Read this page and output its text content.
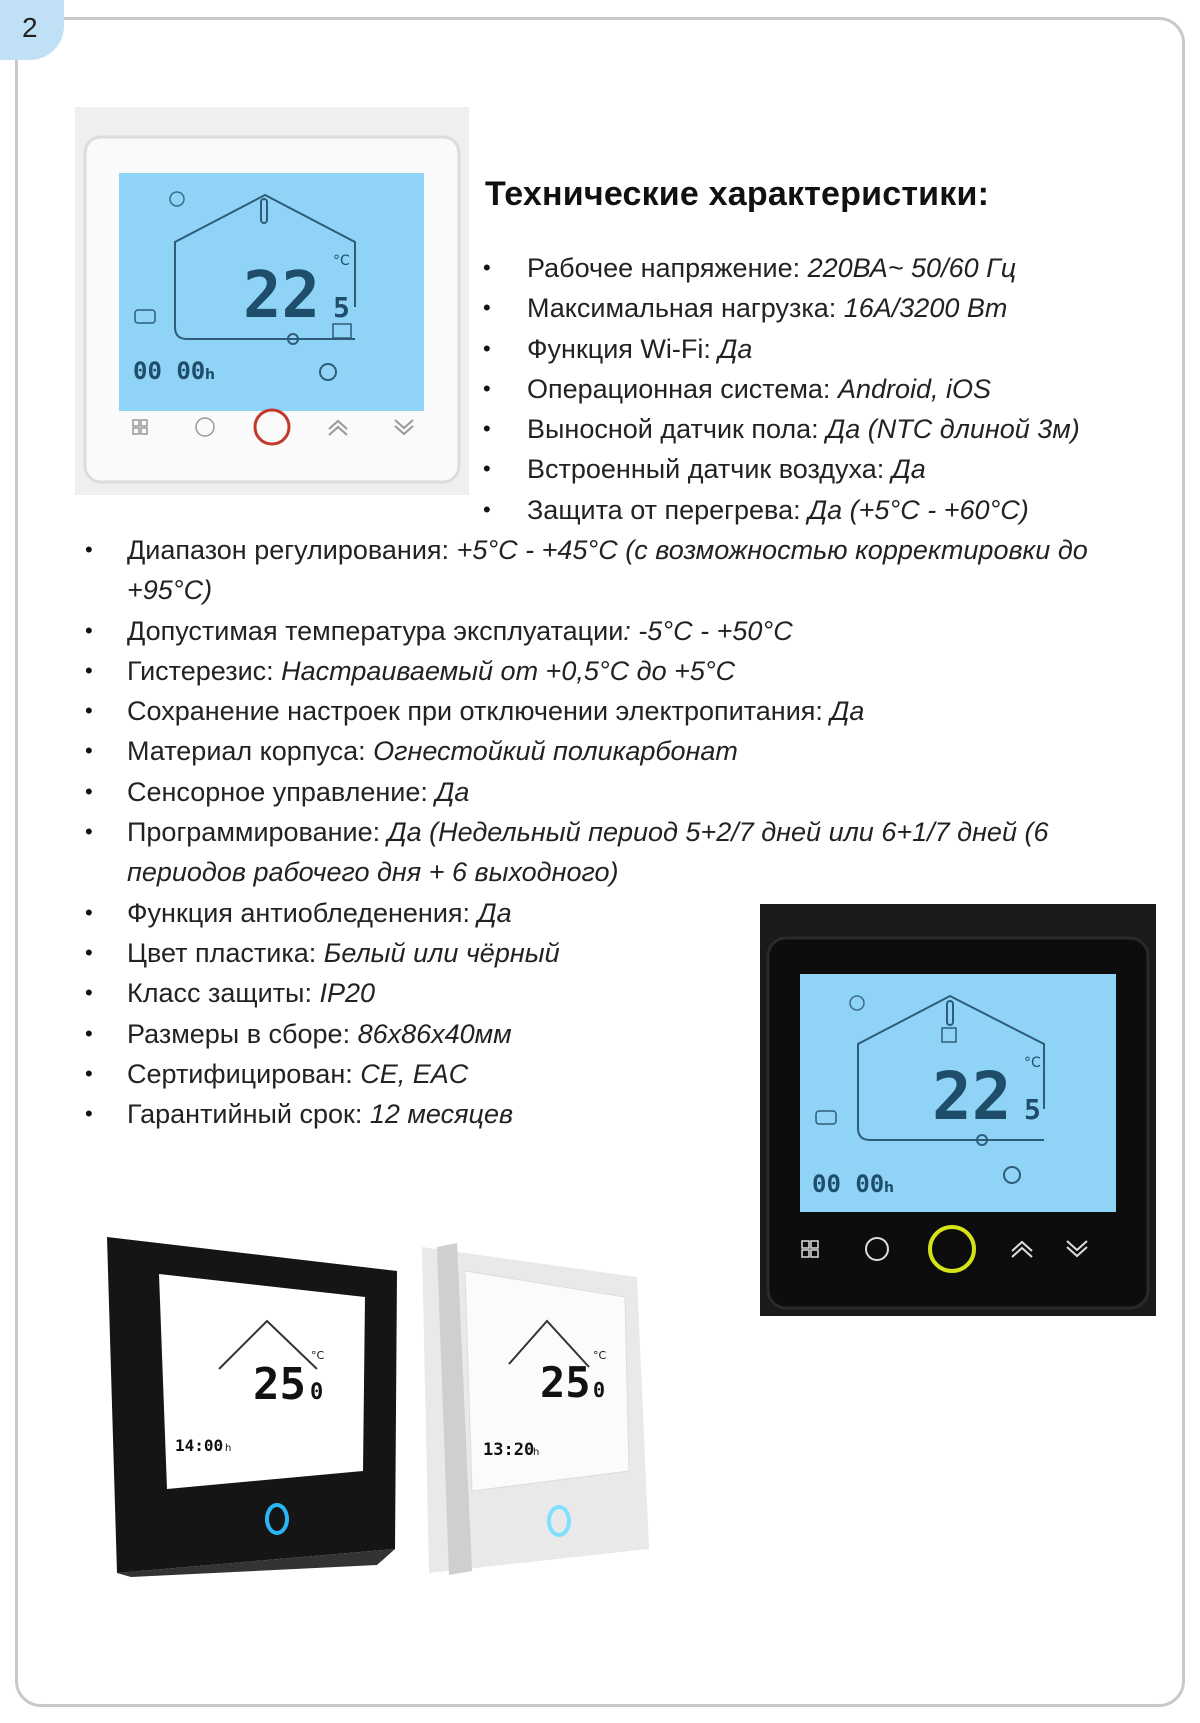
2
22 5
°C
00 00 h
Технические характеристики:
• Рабочее напряжение: 220ВА~ 50/60 Гц
• Максимальная нагрузка: 16A/3200 Вт
• Функция Wi-Fi: Да
• Операционная система: Android, iOS
• Выносной датчик пола: Да (NTC длиной 3м)
• Встроенный датчик воздуха: Да
• Защита от перегрева: Да (+5°C - +60°C)
• Диапазон регулирования: +5°C - +45°C (с возможностью корректировки до +95°C)
• Допустимая температура эксплуатации: -5°C - +50°C
• Гистерезис: Настраиваемый от +0,5°C до +5°C
• Сохранение настроек при отключении электропитания: Да
• Материал корпуса: Огнестойкий поликарбонат
• Сенсорное управление: Да
• Программирование: Да (Недельный период 5+2/7 дней или 6+1/7 дней (6 периодов рабочего дня + 6 выходного)
• Функция антиобледенения: Да
• Цвет пластика: Белый или чёрный
• Класс защиты: IP20
• Размеры в сборе: 86x86x40мм
• Сертифицирован: CE, EAC
• Гарантийный срок: 12 месяцев	22 5
°C
00 00 h
25 0
°C
14:00 h
25 0
°C
13:20
h
